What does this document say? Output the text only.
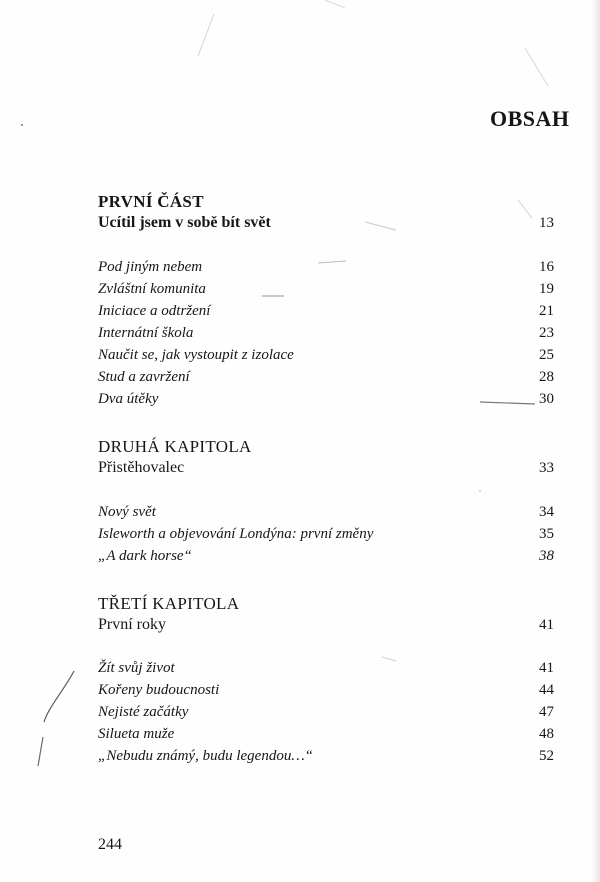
OBSAH
PRVNÍ ČÁST
Ucítil jsem v sobě bít svět	13
Pod jiným nebem	16
Zvláštní komunita	19
Iniciace a odtržení	21
Internátní škola	23
Naučit se, jak vystoupit z izolace	25
Stud a zavržení	28
Dva útěky	30
DRUHÁ KAPITOLA
Přistěhovalec	33
Nový svět	34
Isleworth a objevování Londýna: první změny	35
„A dark horse“	38
TŘETÍ KAPITOLA
První roky	41
Žít svůj život	41
Kořeny budoucnosti	44
Nejisté začátky	47
Silueta muže	48
„Nebudu známý, budu legendou…“	52
244
